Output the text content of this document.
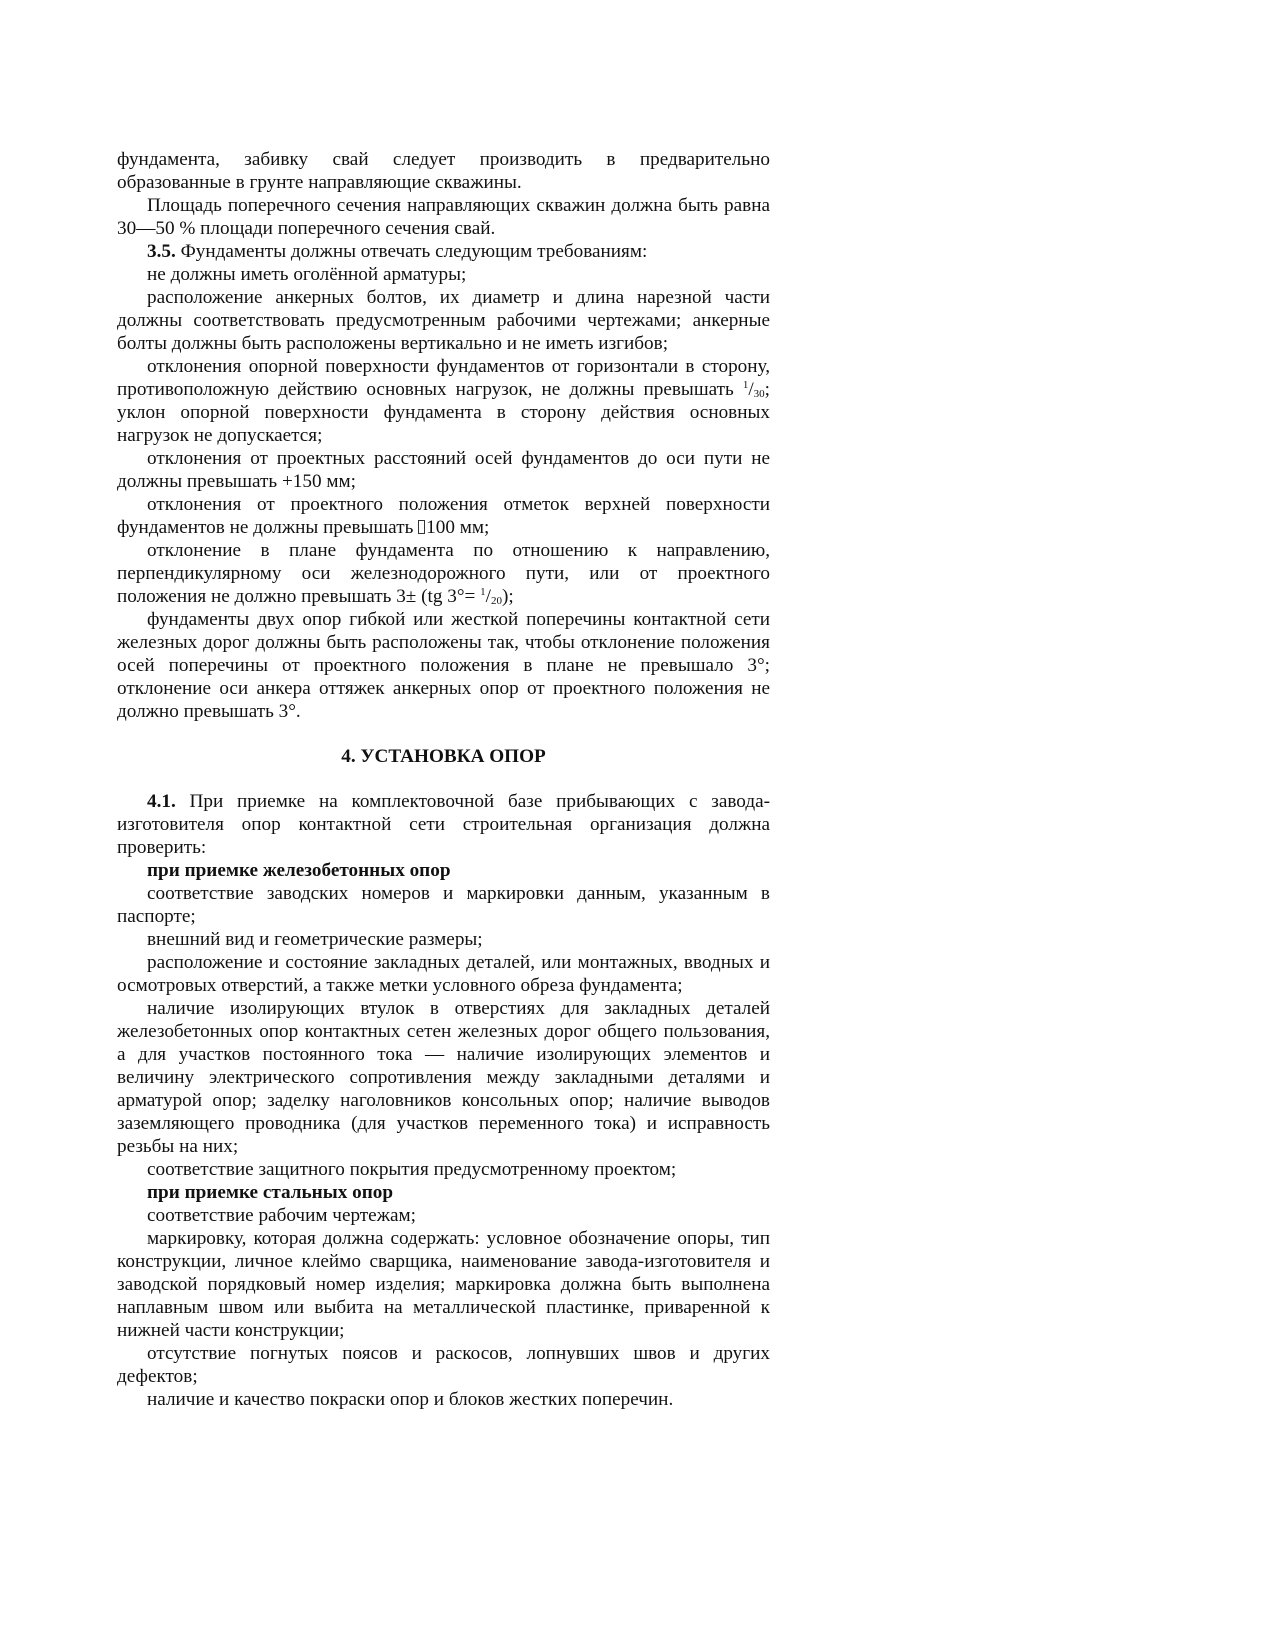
фундамента, забивку свай следует производить в предварительно образованные в грунте направляющие скважины.

Площадь поперечного сечения направляющих скважин должна быть равна 30—50 % площади поперечного сечения свай.

3.5. Фундаменты должны отвечать следующим требованиям:

не должны иметь оголённой арматуры;

расположение анкерных болтов, их диаметр и длина нарезной части должны соответствовать предусмотренным рабочими чертежами; анкерные болты должны быть расположены вертикально и не иметь изгибов;

отклонения опорной поверхности фундаментов от горизонтали в сторону, противоположную действию основных нагрузок, не должны превышать $^1$/30; уклон опорной поверхности фундамента в сторону действия основных нагрузок не допускается;

отклонения от проектных расстояний осей фундаментов до оси пути не должны превышать +150 мм;

отклонения от проектного положения отметок верхней поверхности фундаментов не должны превышать 100 мм;

отклонение в плане фундамента по отношению к направлению, перпендикулярному оси железнодорожного пути, или от проектного положения не должно превышать 3± (tg 3°= $^1$/20);

фундаменты двух опор гибкой или жесткой поперечины контактной сети железных дорог должны быть расположены так, чтобы отклонение положения осей поперечины от проектного положения в плане не превышало 3°; отклонение оси анкера оттяжек анкерных опор от проектного положения не должно превышать 3°.

4. УСТАНОВКА ОПОР

4.1. При приемке на комплектовочной базе прибывающих с завода-изготовителя опор контактной сети строительная организация должна проверить:

при приемке железобетонных опор

соответствие заводских номеров и маркировки данным, указанным в паспорте;

внешний вид и геометрические размеры;

расположение и состояние закладных деталей, или монтажных, вводных и осмотровых отверстий, а также метки условного обреза фундамента;

наличие изолирующих втулок в отверстиях для закладных деталей железобетонных опор контактных сетен железных дорог общего пользования, а для участков постоянного тока — наличие изолирующих элементов и величину электрического сопротивления между закладными деталями и арматурой опор; заделку наголовников консольных опор; наличие выводов заземляющего проводника (для участков переменного тока) и исправность резьбы на них;

соответствие защитного покрытия предусмотренному проектом;

при приемке стальных опор

соответствие рабочим чертежам;

маркировку, которая должна содержать: условное обозначение опоры, тип конструкции, личное клеймо сварщика, наименование завода-изготовителя и заводской порядковый номер изделия; маркировка должна быть выполнена наплавным швом или выбита на металлической пластинке, приваренной к нижней части конструкции;

отсутствие погнутых поясов и раскосов, лопнувших швов и других дефектов;

наличие и качество покраски опор и блоков жестких поперечин.
